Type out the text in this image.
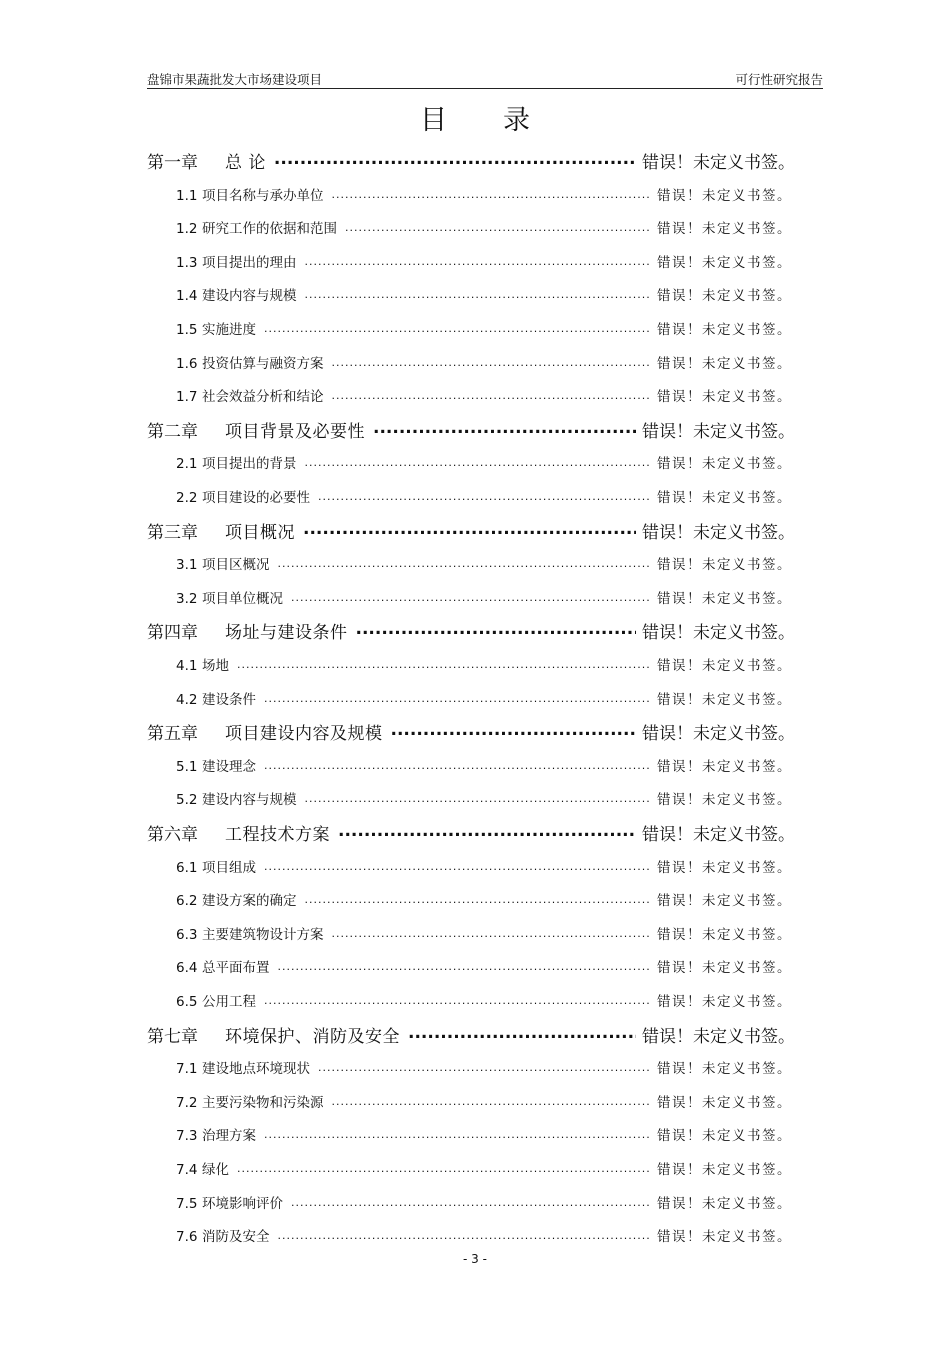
盘锦市果蔬批发大市场建设项目	可行性研究报告
目录
第一章	总 论 .....	错误！未定义书签。
1.1 项目名称与承办单位 .....	错误！未定义书签。
1.2 研究工作的依据和范围 .....	错误！未定义书签。
1.3 项目提出的理由 .....	错误！未定义书签。
1.4 建设内容与规模 .....	错误！未定义书签。
1.5 实施进度 .....	错误！未定义书签。
1.6 投资估算与融资方案 .....	错误！未定义书签。
1.7 社会效益分析和结论 .....	错误！未定义书签。
第二章	项目背景及必要性 .....	错误！未定义书签。
2.1 项目提出的背景 .....	错误！未定义书签。
2.2 项目建设的必要性 .....	错误！未定义书签。
第三章	项目概况 .....	错误！未定义书签。
3.1 项目区概况 .....	错误！未定义书签。
3.2 项目单位概况 .....	错误！未定义书签。
第四章	场址与建设条件 .....	错误！未定义书签。
4.1 场地 .....	错误！未定义书签。
4.2 建设条件 .....	错误！未定义书签。
第五章	项目建设内容及规模 .....	错误！未定义书签。
5.1 建设理念 .....	错误！未定义书签。
5.2 建设内容与规模 .....	错误！未定义书签。
第六章	工程技术方案 .....	错误！未定义书签。
6.1 项目组成 .....	错误！未定义书签。
6.2 建设方案的确定 .....	错误！未定义书签。
6.3 主要建筑物设计方案 .....	错误！未定义书签。
6.4 总平面布置 .....	错误！未定义书签。
6.5 公用工程 .....	错误！未定义书签。
第七章	环境保护、消防及安全 .....	错误！未定义书签。
7.1 建设地点环境现状 .....	错误！未定义书签。
7.2 主要污染物和污染源 .....	错误！未定义书签。
7.3 治理方案 .....	错误！未定义书签。
7.4 绿化 .....	错误！未定义书签。
7.5 环境影响评价 .....	错误！未定义书签。
7.6 消防及安全 .....	错误！未定义书签。
- 3 -
